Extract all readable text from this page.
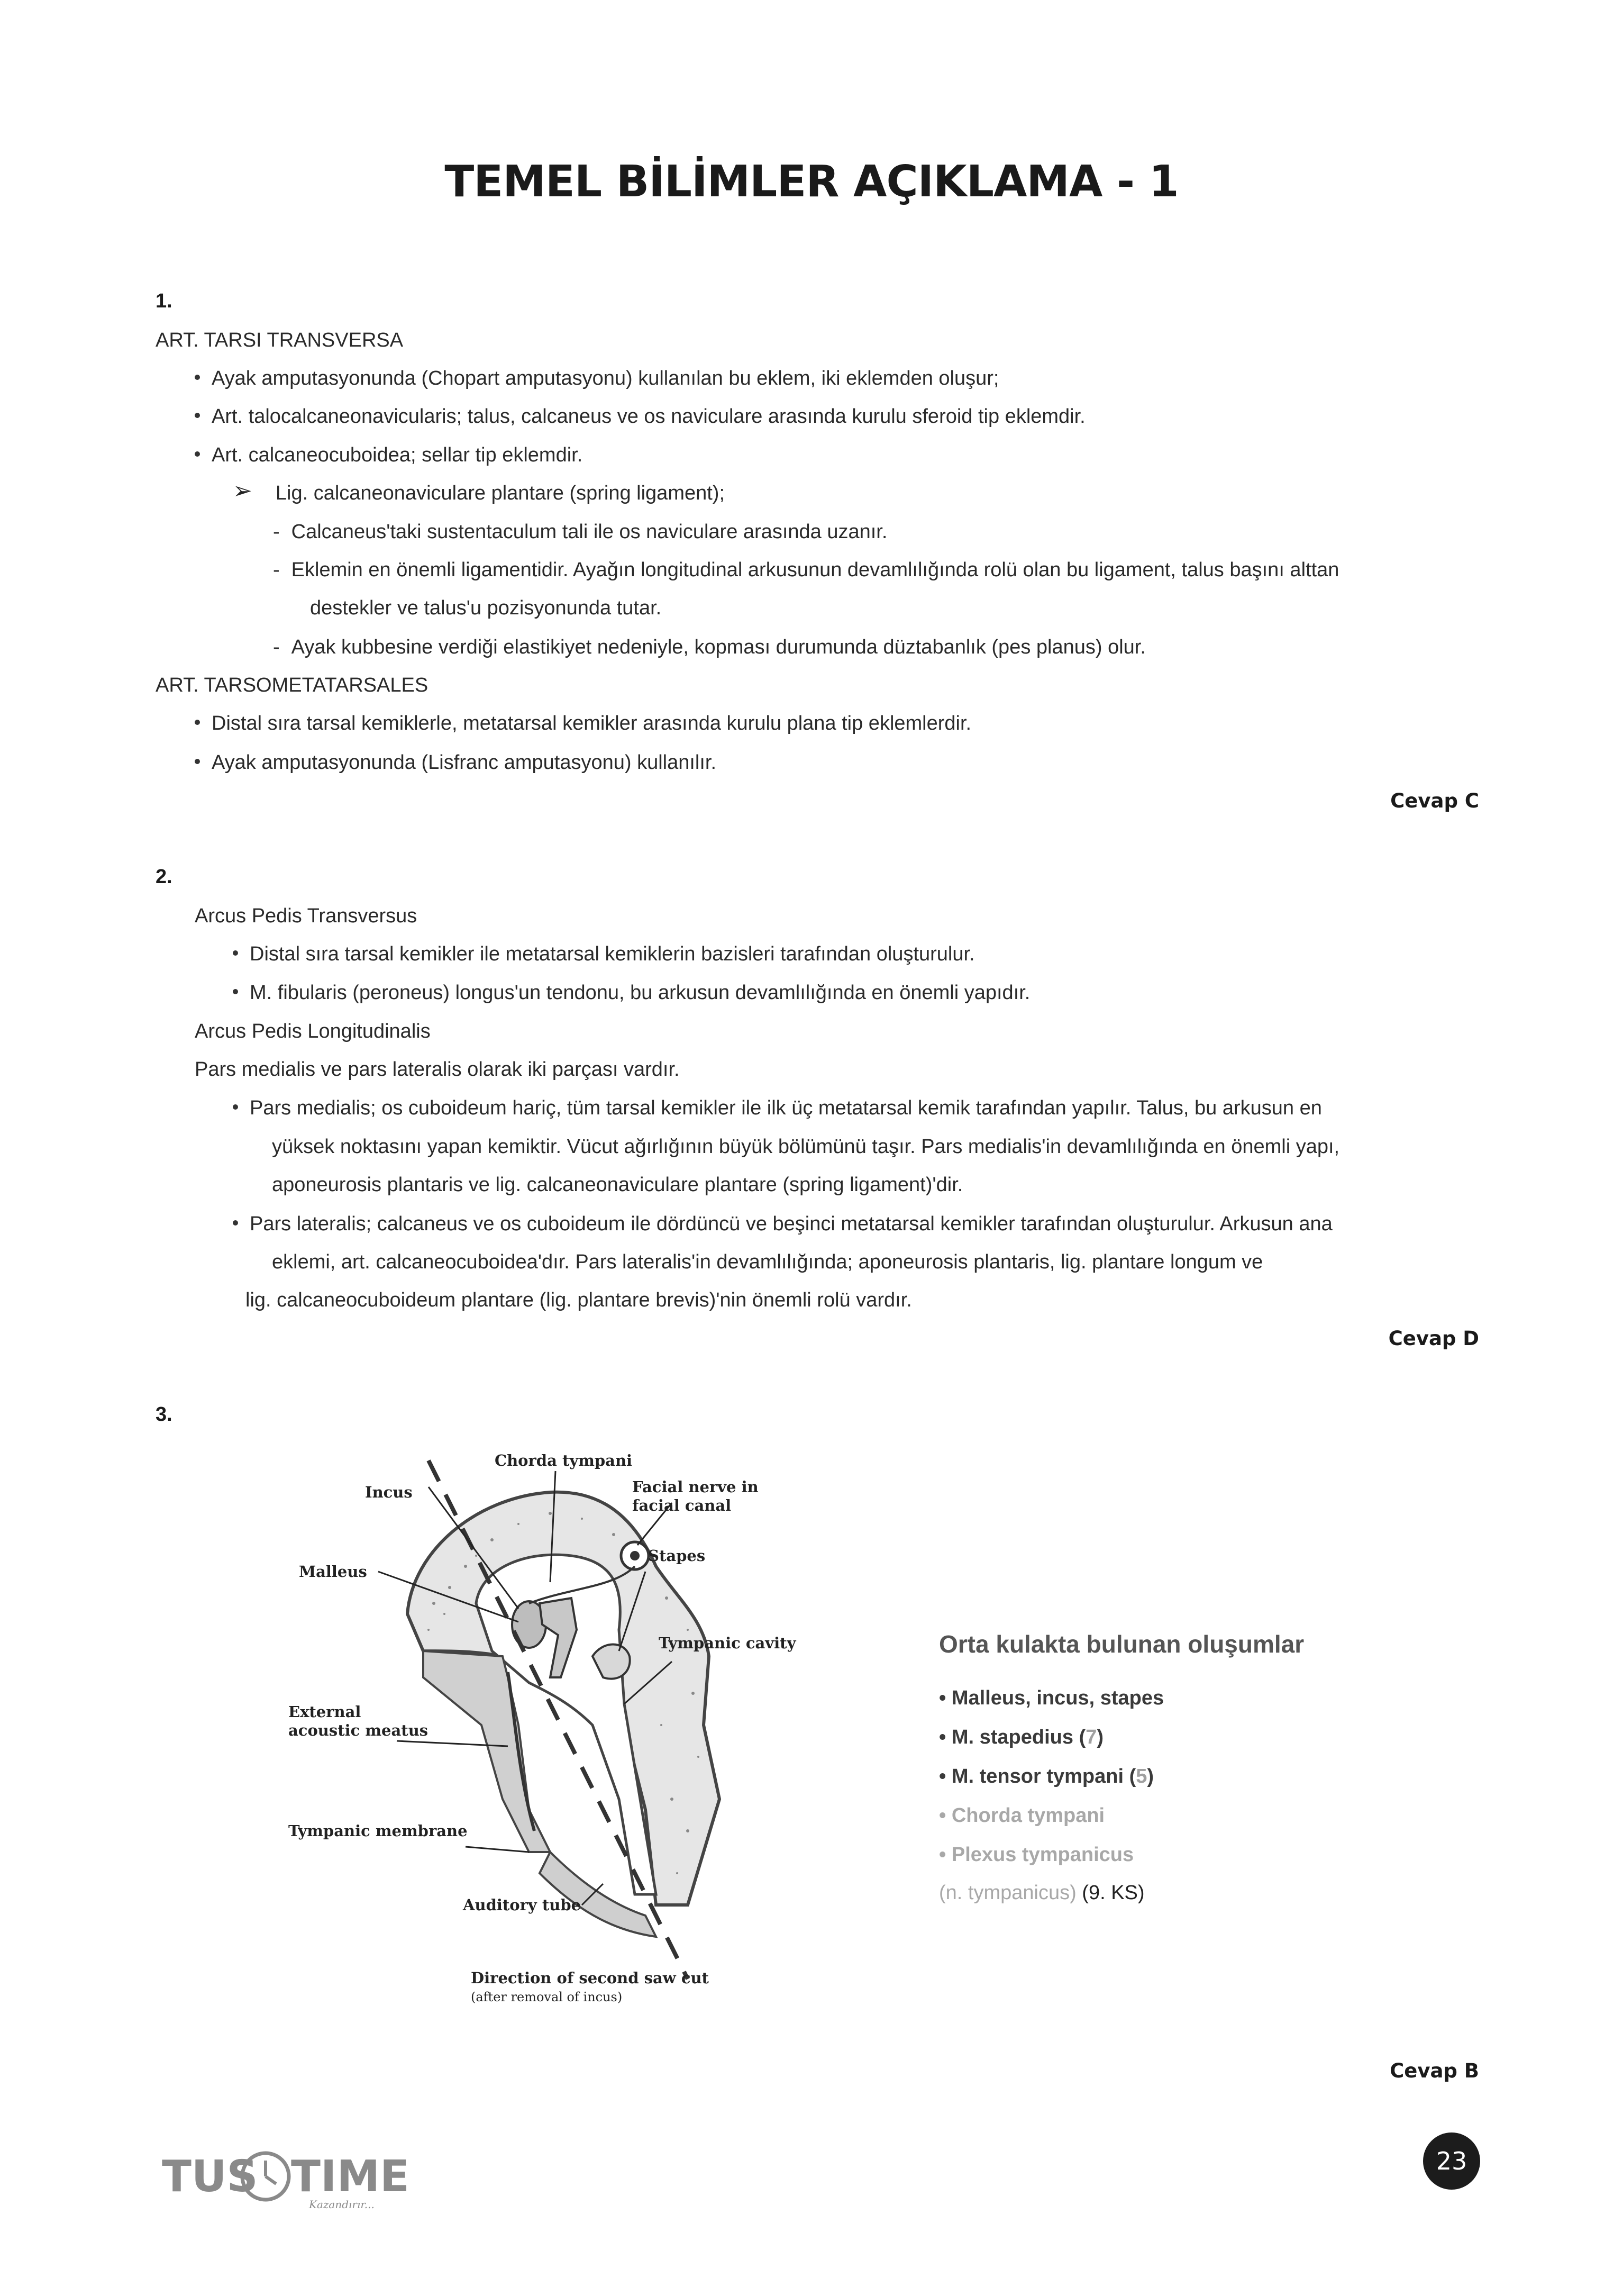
TEMEL BİLİMLER AÇIKLAMA - 1
1.
ART. TARSI TRANSVERSA
Ayak amputasyonunda (Chopart amputasyonu) kullanılan bu eklem, iki eklemden oluşur;
Art. talocalcaneonavicularis; talus, calcaneus ve os naviculare arasında kurulu sferoid tip eklemdir.
Art. calcaneocuboidea; sellar tip eklemdir.
➢ Lig. calcaneonaviculare plantare (spring ligament);
- Calcaneus'taki sustentaculum tali ile os naviculare arasında uzanır.
- Eklemin en önemli ligamentidir. Ayağın longitudinal arkusunun devamlılığında rolü olan bu ligament, talus başını alttan
destekler ve talus'u pozisyonunda tutar.
- Ayak kubbesine verdiği elastikiyet nedeniyle, kopması durumunda düztabanlık (pes planus) olur.
ART. TARSOMETATARSALES
Distal sıra tarsal kemiklerle, metatarsal kemikler arasında kurulu plana tip eklemlerdir.
Ayak amputasyonunda (Lisfranc amputasyonu) kullanılır.
Cevap C
2.
Arcus Pedis Transversus
Distal sıra tarsal kemikler ile metatarsal kemiklerin bazisleri tarafından oluşturulur.
M. fibularis (peroneus) longus'un tendonu, bu arkusun devamlılığında en önemli yapıdır.
Arcus Pedis Longitudinalis
Pars medialis ve pars lateralis olarak iki parçası vardır.
Pars medialis; os cuboideum hariç, tüm tarsal kemikler ile ilk üç metatarsal kemik tarafından yapılır. Talus, bu arkusun en
yüksek noktasını yapan kemiktir. Vücut ağırlığının büyük bölümünü taşır. Pars medialis'in devamlılığında en önemli yapı,
aponeurosis plantaris ve lig. calcaneonaviculare plantare (spring ligament)'dir.
Pars lateralis; calcaneus ve os cuboideum ile dördüncü ve beşinci metatarsal kemikler tarafından oluşturulur. Arkusun ana
eklemi, art. calcaneocuboidea'dır. Pars lateralis'in devamlılığında; aponeurosis plantaris, lig. plantare longum ve
lig. calcaneocuboideum plantare (lig. plantare brevis)'nin önemli rolü vardır.
Cevap D
3.
Chorda tympani
Incus	Facial nerve in
facial canal
Stapes
Malleus
Tympanic cavity
External
acoustic meatus
Tympanic membrane
Auditory tube
Direction of second saw cut
(after removal of incus)
Orta kulakta bulunan oluşumlar
• Malleus, incus, stapes
• M. stapedius (7)
• M. tensor tympani (5)
• Chorda tympani
• Plexus tympanicus
(n. tympanicus) (9. KS)
Cevap B
TUS TIME
Kazandırır...
23
